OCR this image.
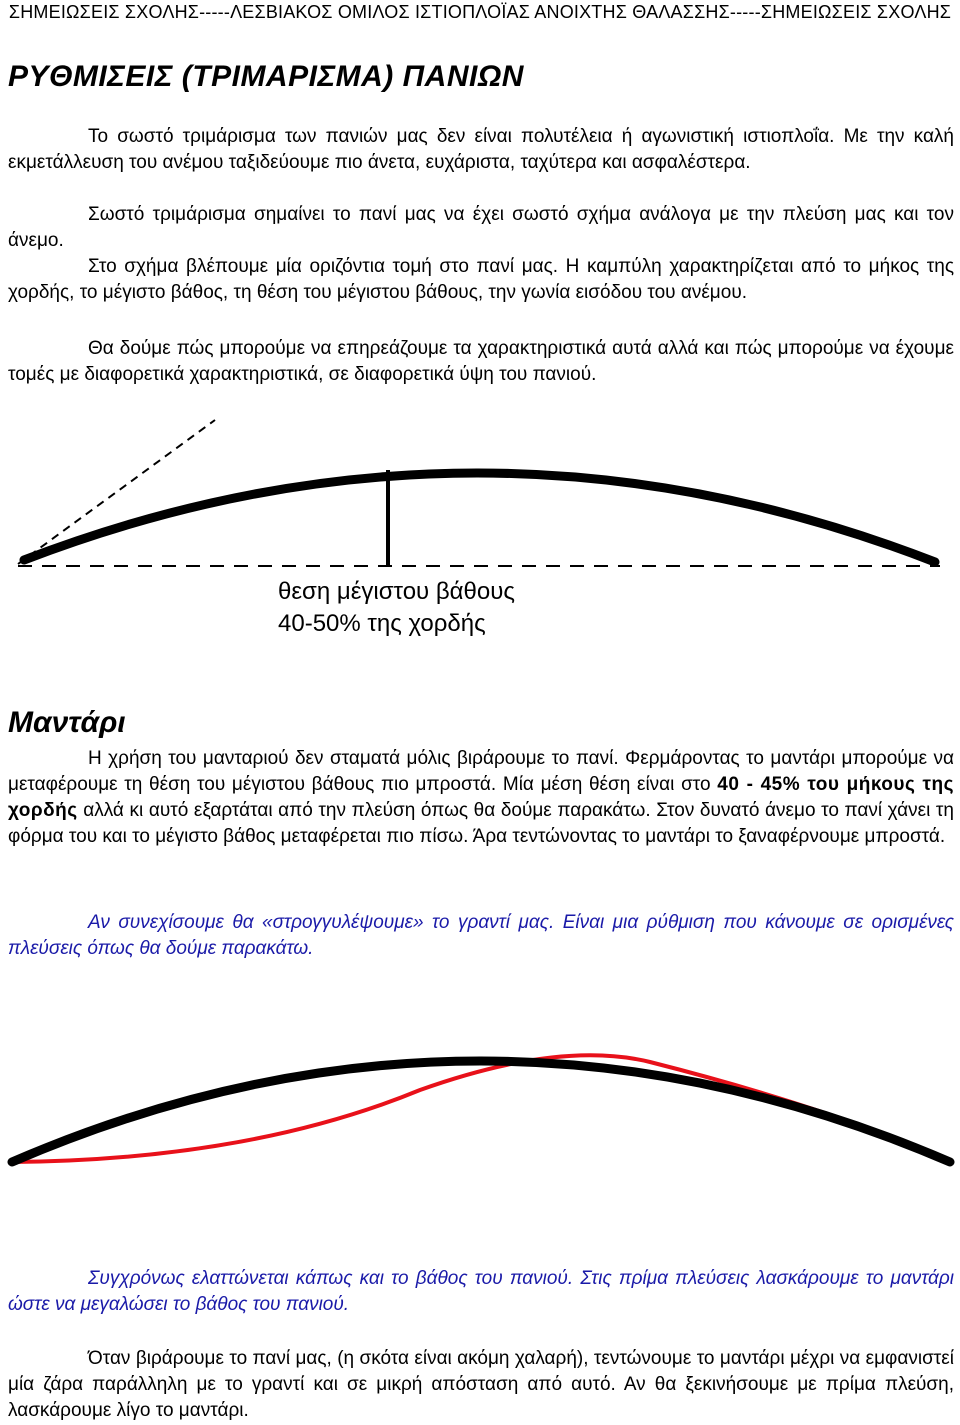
ΣΗΜΕΙΩΣΕΙΣ ΣΧΟΛΗΣ-----ΛΕΣΒΙΑΚΟΣ ΟΜΙΛΟΣ ΙΣΤΙΟΠΛΟΪΑΣ ΑΝΟΙΧΤΗΣ ΘΑΛΑΣΣΗΣ-----ΣΗΜΕΙΩΣΕΙΣ ΣΧΟΛΗΣ
ΡΥΘΜΙΣΕΙΣ (ΤΡΙΜΑΡΙΣΜΑ) ΠΑΝΙΩΝ

Το σωστό τριμάρισμα των πανιών μας δεν είναι πολυτέλεια ή αγωνιστική ιστιοπλοΐα. Με την καλή εκμετάλλευση του ανέμου ταξιδεύουμε πιο άνετα, ευχάριστα, ταχύτερα και ασφαλέστερα.

Σωστό τριμάρισμα σημαίνει το πανί μας να έχει σωστό σχήμα ανάλογα με την πλεύση μας και τον άνεμο.

Στο σχήμα βλέπουμε μία οριζόντια τομή στο πανί μας. Η καμπύλη χαρακτηρίζεται από το μήκος της χορδής, το μέγιστο βάθος, τη θέση του μέγιστου βάθους, την γωνία εισόδου του ανέμου.

Θα δούμε πώς μπορούμε να επηρεάζουμε τα χαρακτηριστικά αυτά αλλά και πώς μπορούμε να έχουμε τομές με διαφορετικά χαρακτηριστικά, σε διαφορετικά ύψη του πανιού.

θεση μέγιστου βάθους
40-50% της χορδής
Μαντάρι

Η χρήση του μανταριού δεν σταματά μόλις βιράρουμε το πανί. Φερμάροντας το μαντάρι μπορούμε να μεταφέρουμε τη θέση του μέγιστου βάθους πιο μπροστά. Μία μέση θέση είναι στο 40 - 45% του μήκους της χορδής αλλά κι αυτό εξαρτάται από την πλεύση όπως θα δούμε παρακάτω. Στον δυνατό άνεμο το πανί χάνει τη φόρμα του και το μέγιστο βάθος μεταφέρεται πιο πίσω. Άρα τεντώνοντας το μαντάρι το ξαναφέρνουμε μπροστά.

Αν συνεχίσουμε θα «στρογγυλέψουμε» το γραντί μας. Είναι μια ρύθμιση που κάνουμε σε ορισμένες πλεύσεις όπως θα δούμε παρακάτω.

Συγχρόνως ελαττώνεται κάπως και το βάθος του πανιού. Στις πρίμα πλεύσεις λασκάρουμε το μαντάρι ώστε να μεγαλώσει το βάθος του πανιού.

Όταν βιράρουμε το πανί μας, (η σκότα είναι ακόμη χαλαρή), τεντώνουμε το μαντάρι μέχρι να εμφανιστεί μία ζάρα παράλληλη με το γραντί και σε μικρή απόσταση από αυτό. Αν θα ξεκινήσουμε με πρίμα πλεύση, λασκάρουμε λίγο το μαντάρι.
